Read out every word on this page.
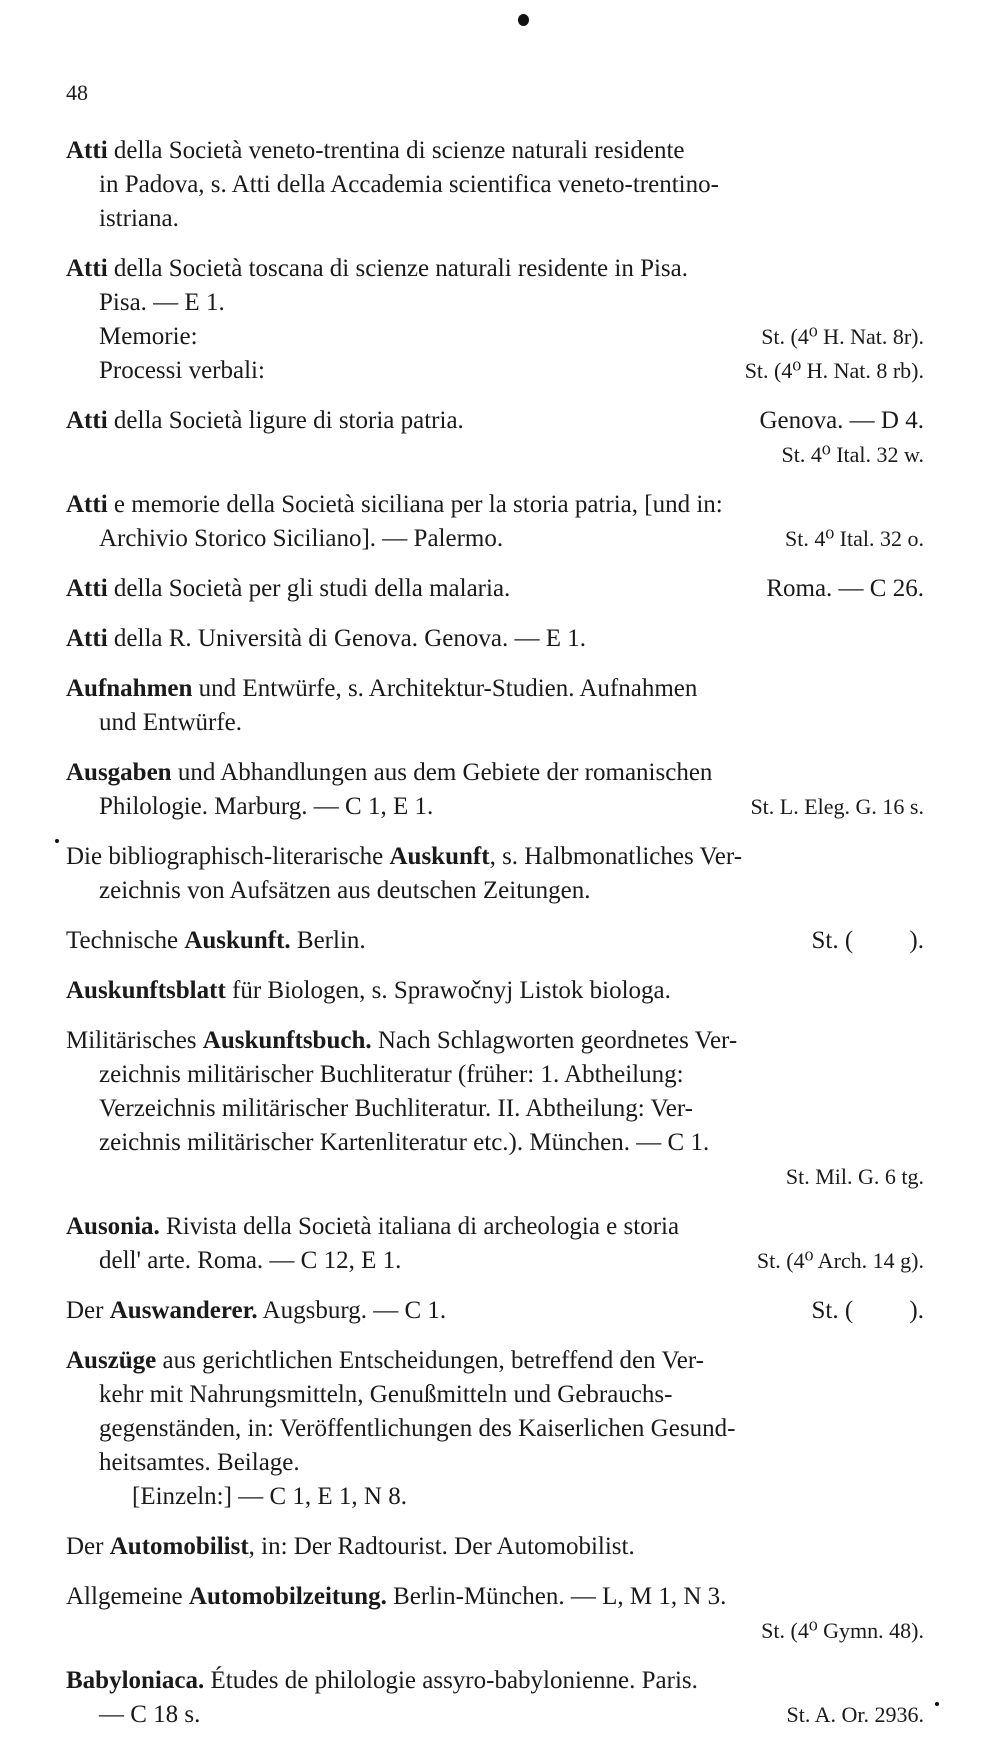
48
Atti della Società veneto-trentina di scienze naturali residente
in Padova, s. Atti della Accademia scientifica veneto-trentino-
istriana.
Atti della Società toscana di scienze naturali residente in Pisa.
Pisa. — E 1.
Memorie:	St. (4⁰ H. Nat. 8r).
Processi verbali:	St. (4⁰ H. Nat. 8 rb).
Atti della Società ligure di storia patria.	Genova. — D 4.
St. 4⁰ Ital. 32 w.
Atti e memorie della Società siciliana per la storia patria, [und in:
Archivio Storico Siciliano]. — Palermo.	St. 4⁰ Ital. 32 o.
Atti della Società per gli studi della malaria.	Roma. — C 26.
Atti della R. Università di Genova. Genova. — E 1.
Aufnahmen und Entwürfe, s. Architektur-Studien. Aufnahmen
und Entwürfe.
Ausgaben und Abhandlungen aus dem Gebiete der romanischen
Philologie. Marburg. — C 1, E 1.	St. L. Eleg. G. 16 s.
Die bibliographisch-literarische Auskunft, s. Halbmonatliches Ver-
zeichnis von Aufsätzen aus deutschen Zeitungen.
Technische Auskunft. Berlin.	St. (         ).
Auskunftsblatt für Biologen, s. Sprawočnyj Listok biologa.
Militärisches Auskunftsbuch. Nach Schlagworten geordnetes Ver-
zeichnis militärischer Buchliteratur (früher: 1. Abtheilung:
Verzeichnis militärischer Buchliteratur. II. Abtheilung: Ver-
zeichnis militärischer Kartenliteratur etc.). München. — C 1.
St. Mil. G. 6 tg.
Ausonia. Rivista della Società italiana di archeologia e storia
dell' arte. Roma. — C 12, E 1.	St. (4⁰ Arch. 14 g).
Der Auswanderer. Augsburg. — C 1.	St. (         ).
Auszüge aus gerichtlichen Entscheidungen, betreffend den Ver-
kehr mit Nahrungsmitteln, Genußmitteln und Gebrauchs-
gegenständen, in: Veröffentlichungen des Kaiserlichen Gesund-
heitsamtes. Beilage.
[Einzeln:] — C 1, E 1, N 8.
Der Automobilist, in: Der Radtourist. Der Automobilist.
Allgemeine Automobilzeitung. Berlin-München. — L, M 1, N 3.
St. (4⁰ Gymn. 48).
Babyloniaca. Études de philologie assyro-babylonienne. Paris.
— C 18 s.	St. A. Or. 2936.
